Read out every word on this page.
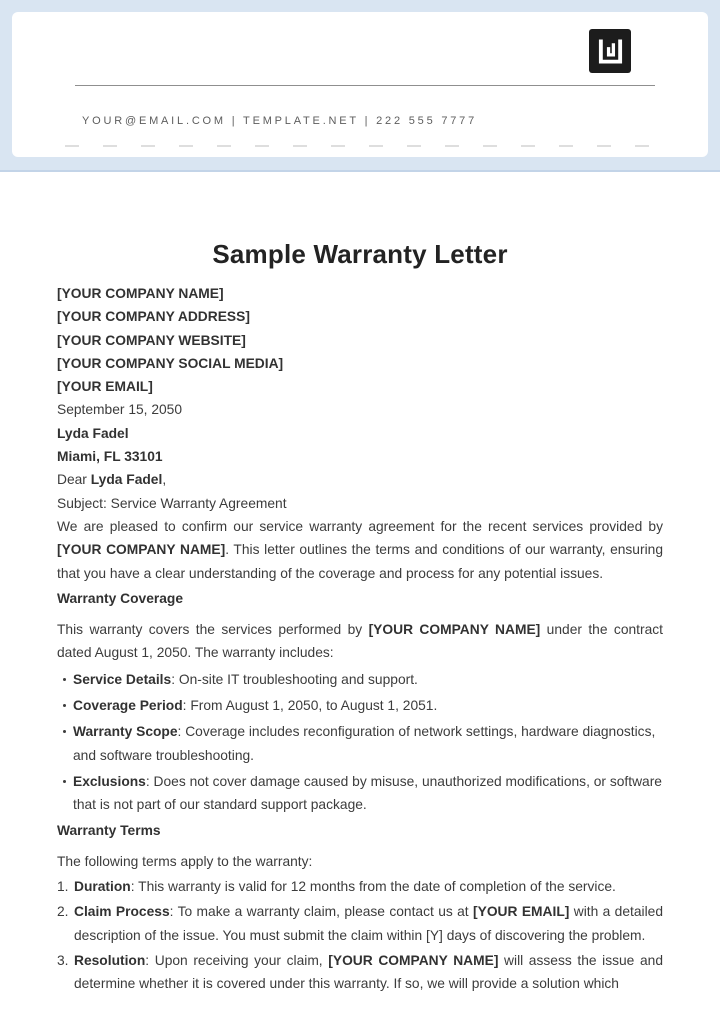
YOUR@EMAIL.COM | TEMPLATE.NET | 222 555 7777
Sample Warranty Letter

[YOUR COMPANY NAME]

[YOUR COMPANY ADDRESS]

[YOUR COMPANY WEBSITE]

[YOUR COMPANY SOCIAL MEDIA]

[YOUR EMAIL]

September 15, 2050

Lyda Fadel

Miami, FL 33101

Dear Lyda Fadel,

Subject: Service Warranty Agreement

We are pleased to confirm our service warranty agreement for the recent services provided by [YOUR COMPANY NAME]. This letter outlines the terms and conditions of our warranty, ensuring that you have a clear understanding of the coverage and process for any potential issues.

Warranty Coverage

This warranty covers the services performed by [YOUR COMPANY NAME] under the contract dated August 1, 2050. The warranty includes:

Service Details: On-site IT troubleshooting and support.
Coverage Period: From August 1, 2050, to August 1, 2051.
Warranty Scope: Coverage includes reconfiguration of network settings, hardware diagnostics, and software troubleshooting.
Exclusions: Does not cover damage caused by misuse, unauthorized modifications, or software that is not part of our standard support package.
Warranty Terms

The following terms apply to the warranty:

1. Duration: This warranty is valid for 12 months from the date of completion of the service.
2. Claim Process: To make a warranty claim, please contact us at [YOUR EMAIL] with a detailed description of the issue. You must submit the claim within [Y] days of discovering the problem.
3. Resolution: Upon receiving your claim, [YOUR COMPANY NAME] will assess the issue and determine whether it is covered under this warranty. If so, we will provide a solution which
